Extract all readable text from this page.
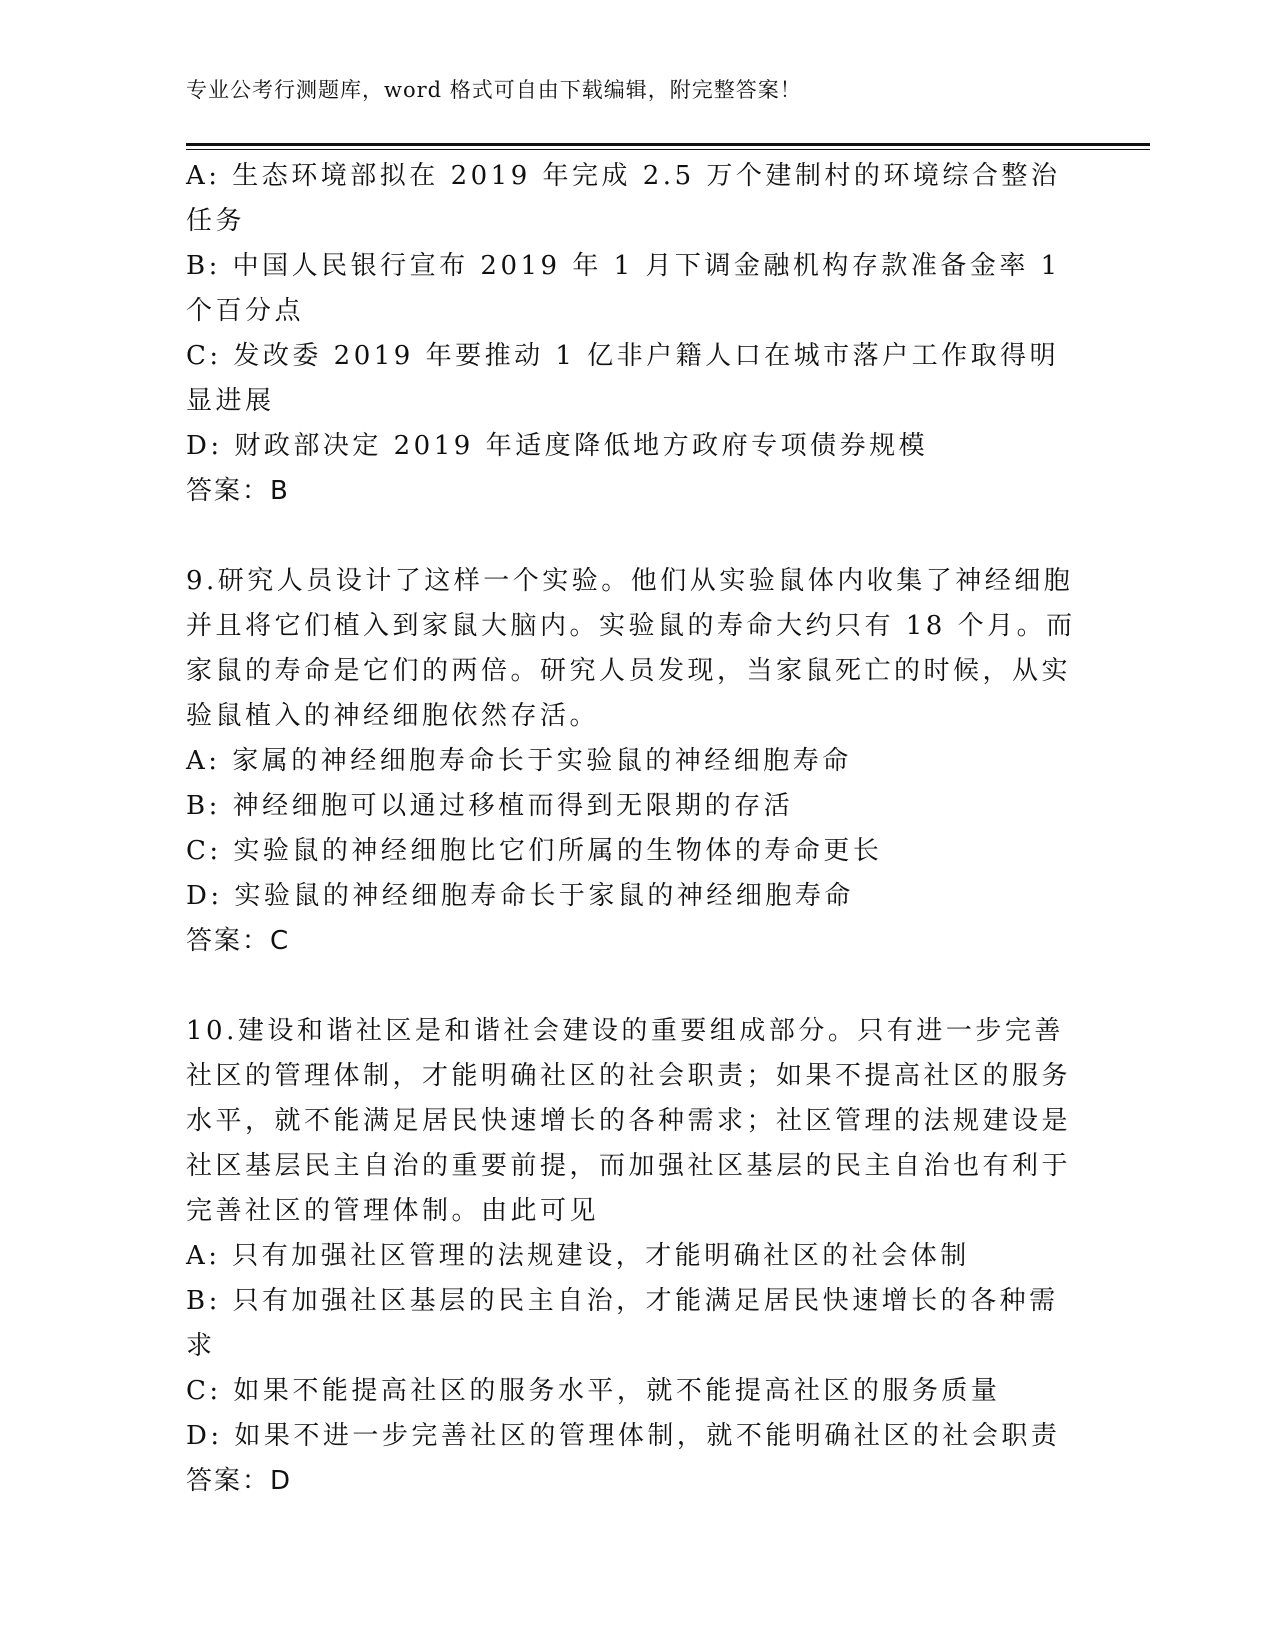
专业公考行测题库，word 格式可自由下载编辑，附完整答案！

A: 生态环境部拟在 2019 年完成 2.5 万个建制村的环境综合整治任务

B: 中国人民银行宣布 2019 年 1 月下调金融机构存款准备金率 1 个百分点

C: 发改委 2019 年要推动 1 亿非户籍人口在城市落户工作取得明显进展

D: 财政部决定 2019 年适度降低地方政府专项债券规模

答案：B

9.研究人员设计了这样一个实验。他们从实验鼠体内收集了神经细胞并且将它们植入到家鼠大脑内。实验鼠的寿命大约只有 18 个月。而家鼠的寿命是它们的两倍。研究人员发现，当家鼠死亡的时候，从实验鼠植入的神经细胞依然存活。

A: 家属的神经细胞寿命长于实验鼠的神经细胞寿命

B: 神经细胞可以通过移植而得到无限期的存活

C: 实验鼠的神经细胞比它们所属的生物体的寿命更长

D: 实验鼠的神经细胞寿命长于家鼠的神经细胞寿命

答案：C

10.建设和谐社区是和谐社会建设的重要组成部分。只有进一步完善社区的管理体制，才能明确社区的社会职责；如果不提高社区的服务水平，就不能满足居民快速增长的各种需求；社区管理的法规建设是社区基层民主自治的重要前提，而加强社区基层的民主自治也有利于完善社区的管理体制。由此可见

A: 只有加强社区管理的法规建设，才能明确社区的社会体制

B: 只有加强社区基层的民主自治，才能满足居民快速增长的各种需求

C: 如果不能提高社区的服务水平，就不能提高社区的服务质量

D: 如果不进一步完善社区的管理体制，就不能明确社区的社会职责

答案：D
